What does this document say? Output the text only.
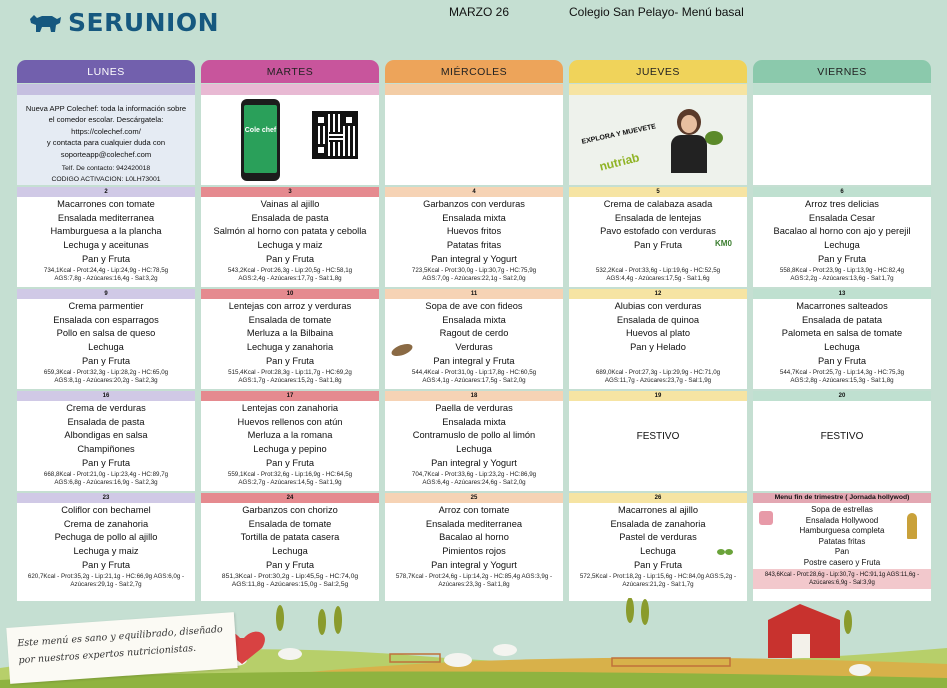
SERUNION	MARZO 26	Colegio San Pelayo- Menú basal
LUNES	MARTES	MIÉRCOLES	JUEVES	VIERNES
Nueva APP Colechef: toda la información sobre
el comedor escolar. Descárgatela:
https://colechef.com/
y contacta para cualquier duda con
soporteapp@colechef.com
Telf. De contacto: 942420018
CODIGO ACTIVACION: L0LH73001
Cole chef	EXPLORA Y MUEVETE
nutriab
2
Macarrones con tomate
Ensalada mediterranea
Hamburguesa a la plancha
Lechuga y aceitunas
Pan y Fruta
734,1Kcal - Prot:24,4g - Lip:24,9g - HC:78,5g
AGS:7,8g - Azúcares:16,4g - Sal:3,2g
3
Vainas al ajillo
Ensalada de pasta
Salmón al horno con patata y cebolla
Lechuga y maiz
Pan y Fruta
543,2Kcal - Prot:26,3g - Lip:20,5g - HC:58,1g
AGS:2,4g - Azúcares:17,7g - Sal:1,8g
4
Garbanzos con verduras
Ensalada mixta
Huevos fritos
Patatas fritas
Pan integral y Yogurt
723,5Kcal - Prot:30,0g - Lip:30,7g - HC:75,9g
AGS:7,0g - Azúcares:22,1g - Sal:2,0g
5
Crema de calabaza asada
Ensalada de lentejas
Pavo estofado con verduras
Pan y Fruta	KM0
532,2Kcal - Prot:33,6g - Lip:19,6g - HC:52,5g
AGS:4,4g - Azúcares:17,5g - Sal:1,6g
6
Arroz tres delicias
Ensalada Cesar
Bacalao al horno con ajo y perejil
Lechuga
Pan y Fruta
558,8Kcal - Prot:23,9g - Lip:13,9g - HC:82,4g
AGS:2,2g - Azúcares:13,6g - Sal:1,7g
9
Crema parmentier
Ensalada con esparragos
Pollo en salsa de queso
Lechuga
Pan y Fruta
659,3Kcal - Prot:32,3g - Lip:28,2g - HC:65,0g
AGS:8,1g - Azúcares:20,2g - Sal:2,3g
10
Lentejas con arroz y verduras
Ensalada de tomate
Merluza a la Bilbaina
Lechuga y zanahoria
Pan y Fruta
515,4Kcal - Prot:28,3g - Lip:11,7g - HC:69,2g
AGS:1,7g - Azúcares:15,2g - Sal:1,8g
11
Sopa de ave con fideos
Ensalada mixta
Ragout de cerdo
Verduras
Pan integral y Fruta
544,4Kcal - Prot:31,0g - Lip:17,8g - HC:60,5g
AGS:4,1g - Azúcares:17,5g - Sal:2,0g
12
Alubias con verduras
Ensalada de quinoa
Huevos al plato
Pan y Helado
689,0Kcal - Prot:27,3g - Lip:29,9g - HC:71,0g
AGS:11,7g - Azúcares:23,7g - Sal:1,9g
13
Macarrones salteados
Ensalada de patata
Palometa en salsa de tomate
Lechuga
Pan y Fruta
544,7Kcal - Prot:25,7g - Lip:14,3g - HC:75,3g
AGS:2,8g - Azúcares:15,3g - Sal:1,8g
16
Crema de verduras
Ensalada de pasta
Albondigas en salsa
Champiñones
Pan y Fruta
668,8Kcal - Prot:21,0g - Lip:23,4g - HC:89,7g
AGS:6,8g - Azúcares:16,9g - Sal:2,3g
17
Lentejas con zanahoria
Huevos rellenos con atún
Merluza a la romana
Lechuga y pepino
Pan y Fruta
559,1Kcal - Prot:32,6g - Lip:16,9g - HC:64,5g
AGS:2,7g - Azúcares:14,5g - Sal:1,9g
18
Paella de verduras
Ensalada mixta
Contramuslo de pollo al limón
Lechuga
Pan integral y Yogurt
704,7Kcal - Prot:33,6g - Lip:23,2g - HC:86,9g
AGS:6,4g - Azúcares:24,6g - Sal:2,0g
19
FESTIVO
20
FESTIVO
23
Coliflor con bechamel
Crema de zanahoria
Pechuga de pollo al ajillo
Lechuga y maiz
Pan y Fruta
620,7Kcal - Prot:35,2g - Lip:21,1g - HC:66,9g AGS:6,0g -
Azúcares:29,1g - Sal:2,7g
24
Garbanzos con chorizo
Ensalada de tomate
Tortilla de patata casera
Lechuga
Pan y Fruta
851,3Kcal - Prot:30,2g - Lip:45,5g - HC:74,0g
AGS:11,8g - Azúcares:15,0g - Sal:2,5g
25
Arroz con tomate
Ensalada mediterranea
Bacalao al horno
Pimientos rojos
Pan integral y Yogurt
578,7Kcal - Prot:24,6g - Lip:14,2g - HC:85,4g AGS:3,9g -
Azúcares:23,3g - Sal:1,8g
26
Macarrones al ajillo
Ensalada de zanahoria
Pastel de verduras
Lechuga
Pan y Fruta
572,5Kcal - Prot:18,2g - Lip:15,6g - HC:84,0g AGS:5,2g -
Azúcares:21,2g - Sal:1,7g
Menu fin de trimestre ( Jornada hollywod)
Sopa de estrellas
Ensalada Hollywood
Hamburguesa completa
Patatas fritas
Pan
Postre casero y Fruta
843,6Kcal - Prot:28,6g - Lip:30,7g - HC:91,1g AGS:11,6g -
Azúcares:6,9g - Sal:3,9g
Este menú es sano y equilibrado, diseñado por nuestros expertos nutricionistas.
